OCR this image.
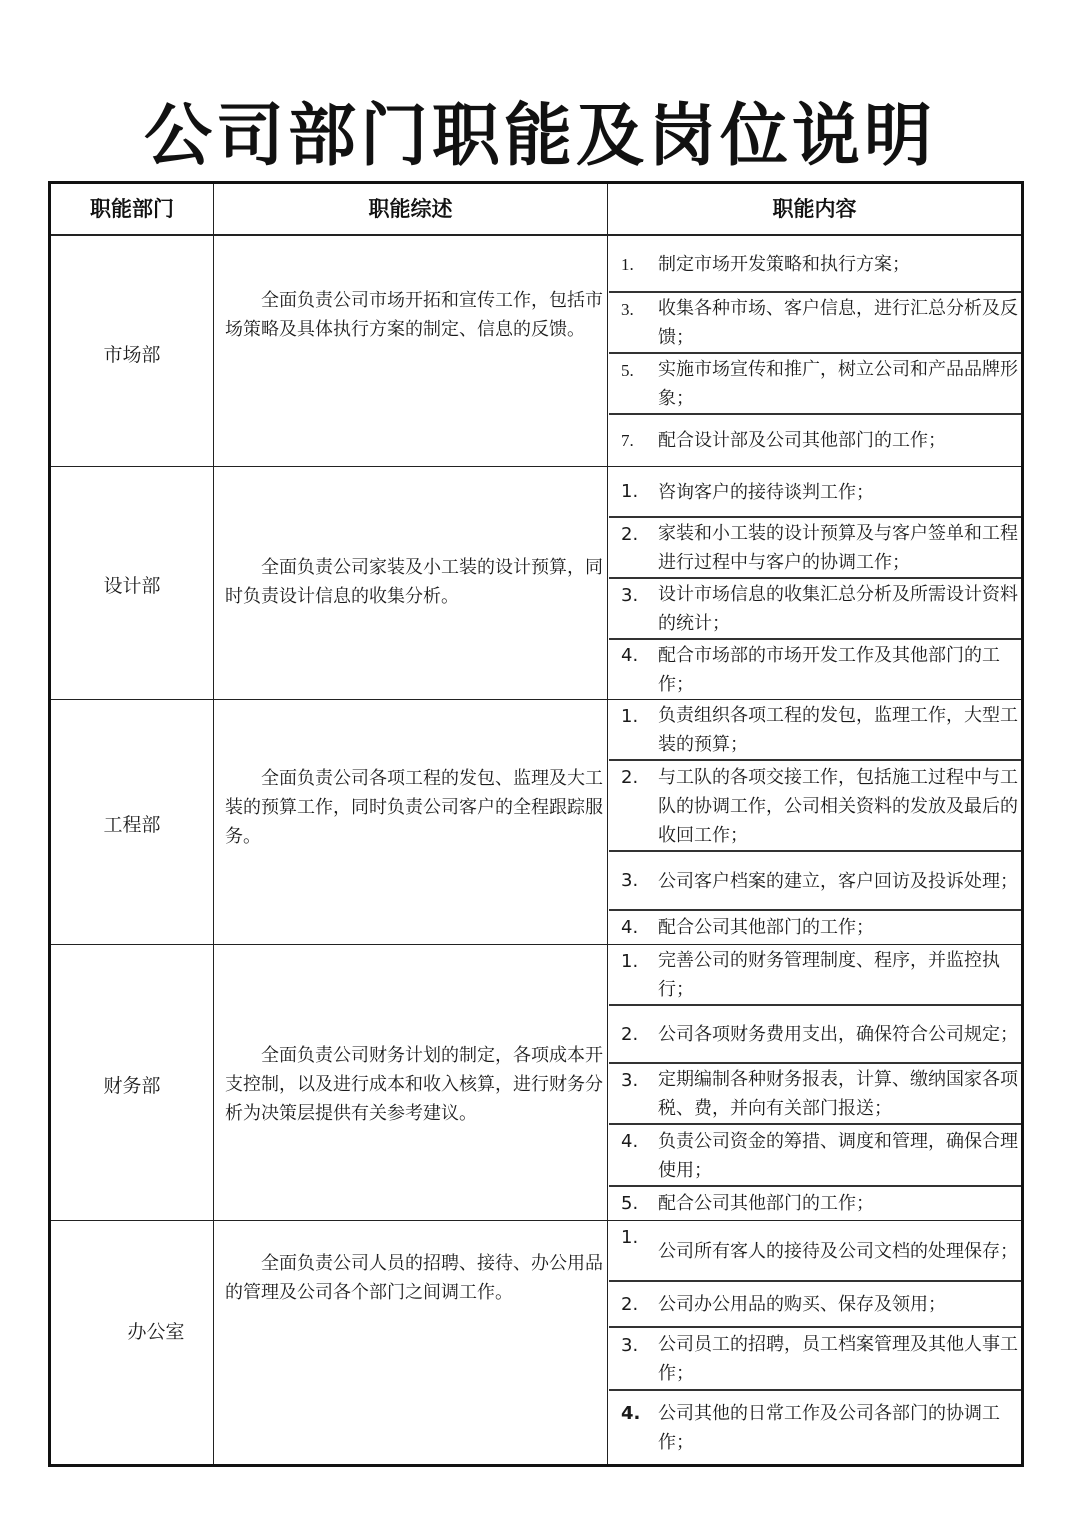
公司部门职能及岗位说明
职能部门	职能综述	职能内容
市场部
全面负责公司市场开拓和宣传工作，包括市场策略及具体执行方案的制定、信息的反馈。
1. 制定市场开发策略和执行方案；
3. 收集各种市场、客户信息，进行汇总分析及反馈；
5. 实施市场宣传和推广，树立公司和产品品牌形象；
7. 配合设计部及公司其他部门的工作；
设计部
全面负责公司家装及小工装的设计预算，同时负责设计信息的收集分析。
1. 咨询客户的接待谈判工作；
2. 家装和小工装的设计预算及与客户签单和工程进行过程中与客户的协调工作；
3. 设计市场信息的收集汇总分析及所需设计资料的统计；
4. 配合市场部的市场开发工作及其他部门的工作；
工程部
全面负责公司各项工程的发包、监理及大工装的预算工作，同时负责公司客户的全程跟踪服务。
1. 负责组织各项工程的发包，监理工作，大型工装的预算；
2. 与工队的各项交接工作，包括施工过程中与工队的协调工作，公司相关资料的发放及最后的收回工作；
3. 公司客户档案的建立，客户回访及投诉处理；
4. 配合公司其他部门的工作；
财务部
全面负责公司财务计划的制定，各项成本开支控制，以及进行成本和收入核算，进行财务分析为决策层提供有关参考建议。
1. 完善公司的财务管理制度、程序，并监控执行；
2. 公司各项财务费用支出，确保符合公司规定；
3. 定期编制各种财务报表，计算、缴纳国家各项税、费，并向有关部门报送；
4. 负责公司资金的筹措、调度和管理，确保合理使用；
5. 配合公司其他部门的工作；
办公室
全面负责公司人员的招聘、接待、办公用品的管理及公司各个部门之间调工作。
1.
公司所有客人的接待及公司文档的处理保存；
2. 公司办公用品的购买、保存及领用；
3. 公司员工的招聘，员工档案管理及其他人事工作；
4. 公司其他的日常工作及公司各部门的协调工作；
